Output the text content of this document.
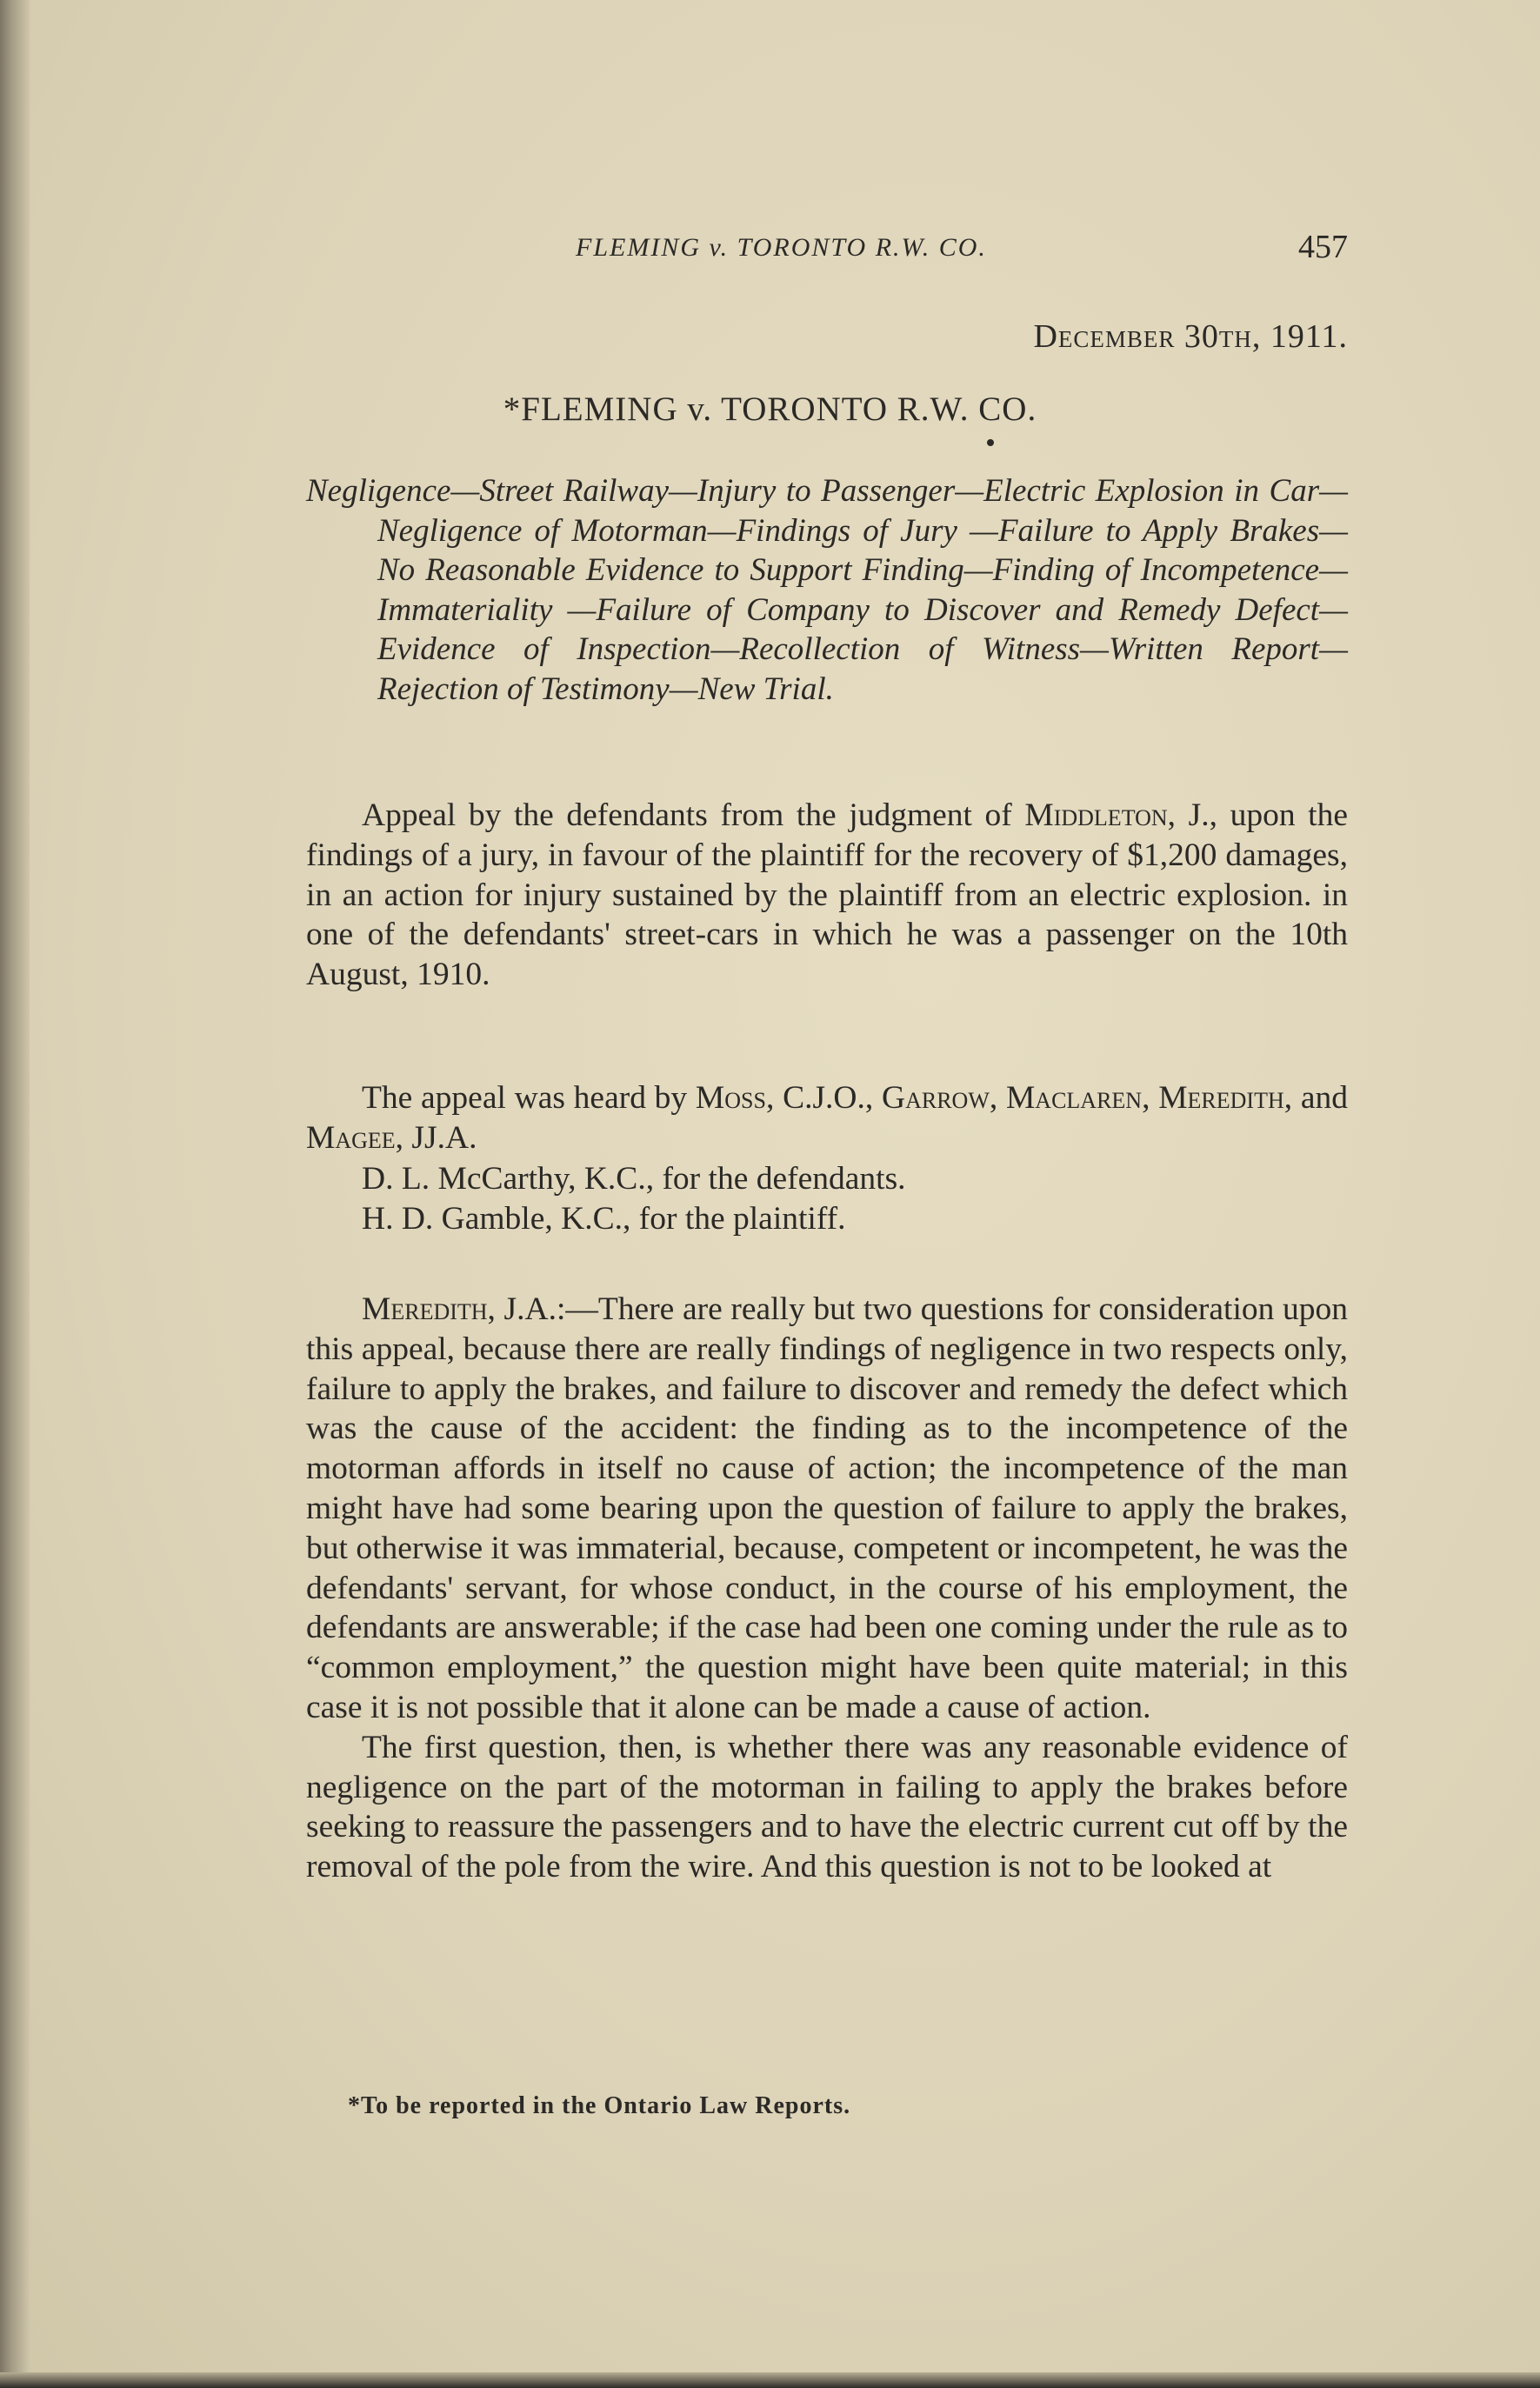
FLEMING v. TORONTO R.W. CO.	457
December 30th, 1911.
*FLEMING v. TORONTO R.W. CO.
Negligence—Street Railway—Injury to Passenger—Electric Explosion in Car—Negligence of Motorman—Findings of Jury —Failure to Apply Brakes—No Reasonable Evidence to Support Finding—Finding of Incompetence—Immateriality —Failure of Company to Discover and Remedy Defect— Evidence of Inspection—Recollection of Witness—Written Report—Rejection of Testimony—New Trial.

Appeal by the defendants from the judgment of Middleton, J., upon the findings of a jury, in favour of the plaintiff for the recovery of $1,200 damages, in an action for injury sustained by the plaintiff from an electric explosion. in one of the defendants' street-cars in which he was a passenger on the 10th August, 1910.

The appeal was heard by Moss, C.J.O., Garrow, Maclaren, Meredith, and Magee, JJ.A.

D. L. McCarthy, K.C., for the defendants.
H. D. Gamble, K.C., for the plaintiff.

Meredith, J.A.:—There are really but two questions for consideration upon this appeal, because there are really findings of negligence in two respects only, failure to apply the brakes, and failure to discover and remedy the defect which was the cause of the accident: the finding as to the incompetence of the motorman affords in itself no cause of action; the incompetence of the man might have had some bearing upon the question of failure to apply the brakes, but otherwise it was immaterial, because, competent or incompetent, he was the defendants' servant, for whose conduct, in the course of his employment, the defendants are answerable; if the case had been one coming under the rule as to “common employment,” the question might have been quite material; in this case it is not possible that it alone can be made a cause of action.

The first question, then, is whether there was any reasonable evidence of negligence on the part of the motorman in failing to apply the brakes before seeking to reassure the passengers and to have the electric current cut off by the removal of the pole from the wire. And this question is not to be looked at

*To be reported in the Ontario Law Reports.
